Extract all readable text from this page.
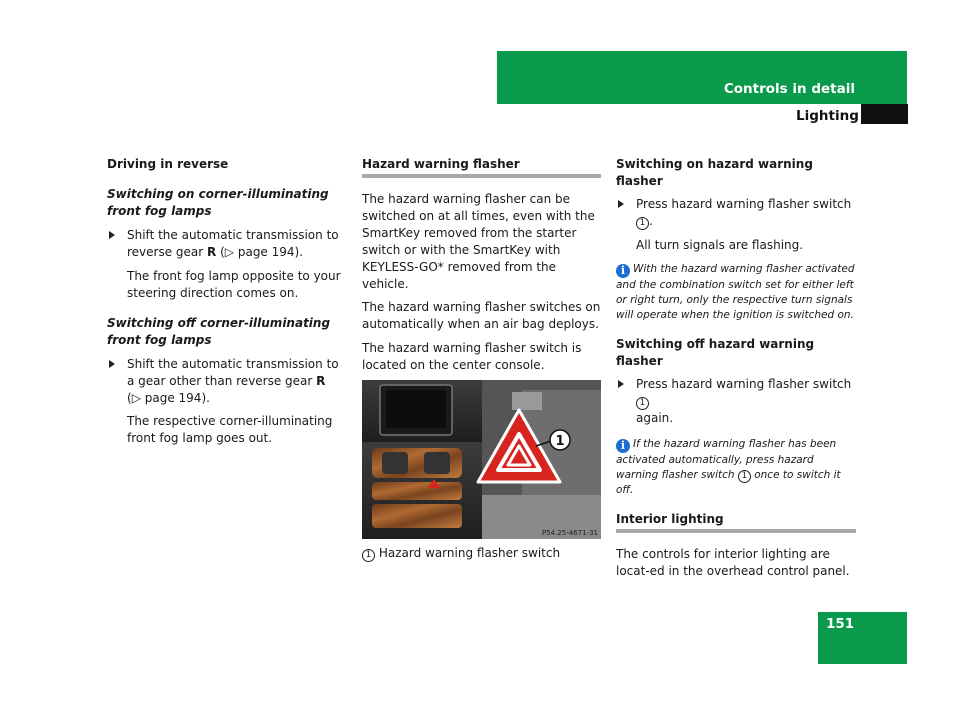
Controls in detail
Lighting

Driving in reverse

Switching on corner-illuminating front fog lamps

Shift the automatic transmission to reverse gear R (▷ page 194).

The front fog lamp opposite to your steering direction comes on.

Switching off corner-illuminating front fog lamps

Shift the automatic transmission to a gear other than reverse gear R
(▷ page 194).

The respective corner-illuminating front fog lamp goes out.

Hazard warning flasher

The hazard warning flasher can be switched on at all times, even with the SmartKey removed from the starter switch or with the SmartKey with KEYLESS-GO* removed from the vehicle.

The hazard warning flasher switches on automatically when an air bag deploys.

The hazard warning flasher switch is located on the center console.

1
P54.25-4671-31

1 Hazard warning flasher switch

Switching on hazard warning flasher

Press hazard warning flasher switch 1 .

All turn signals are flashing.

i With the hazard warning flasher activated and the combination switch set for either left or right turn, only the respective turn signals will operate when the ignition is switched on.

Switching off hazard warning flasher

Press hazard warning flasher switch 1
again.

i If the hazard warning flasher has been activated automatically, press hazard warning flasher switch 1 once to switch it off.

Interior lighting

The controls for interior lighting are locat-ed in the overhead control panel.

151
